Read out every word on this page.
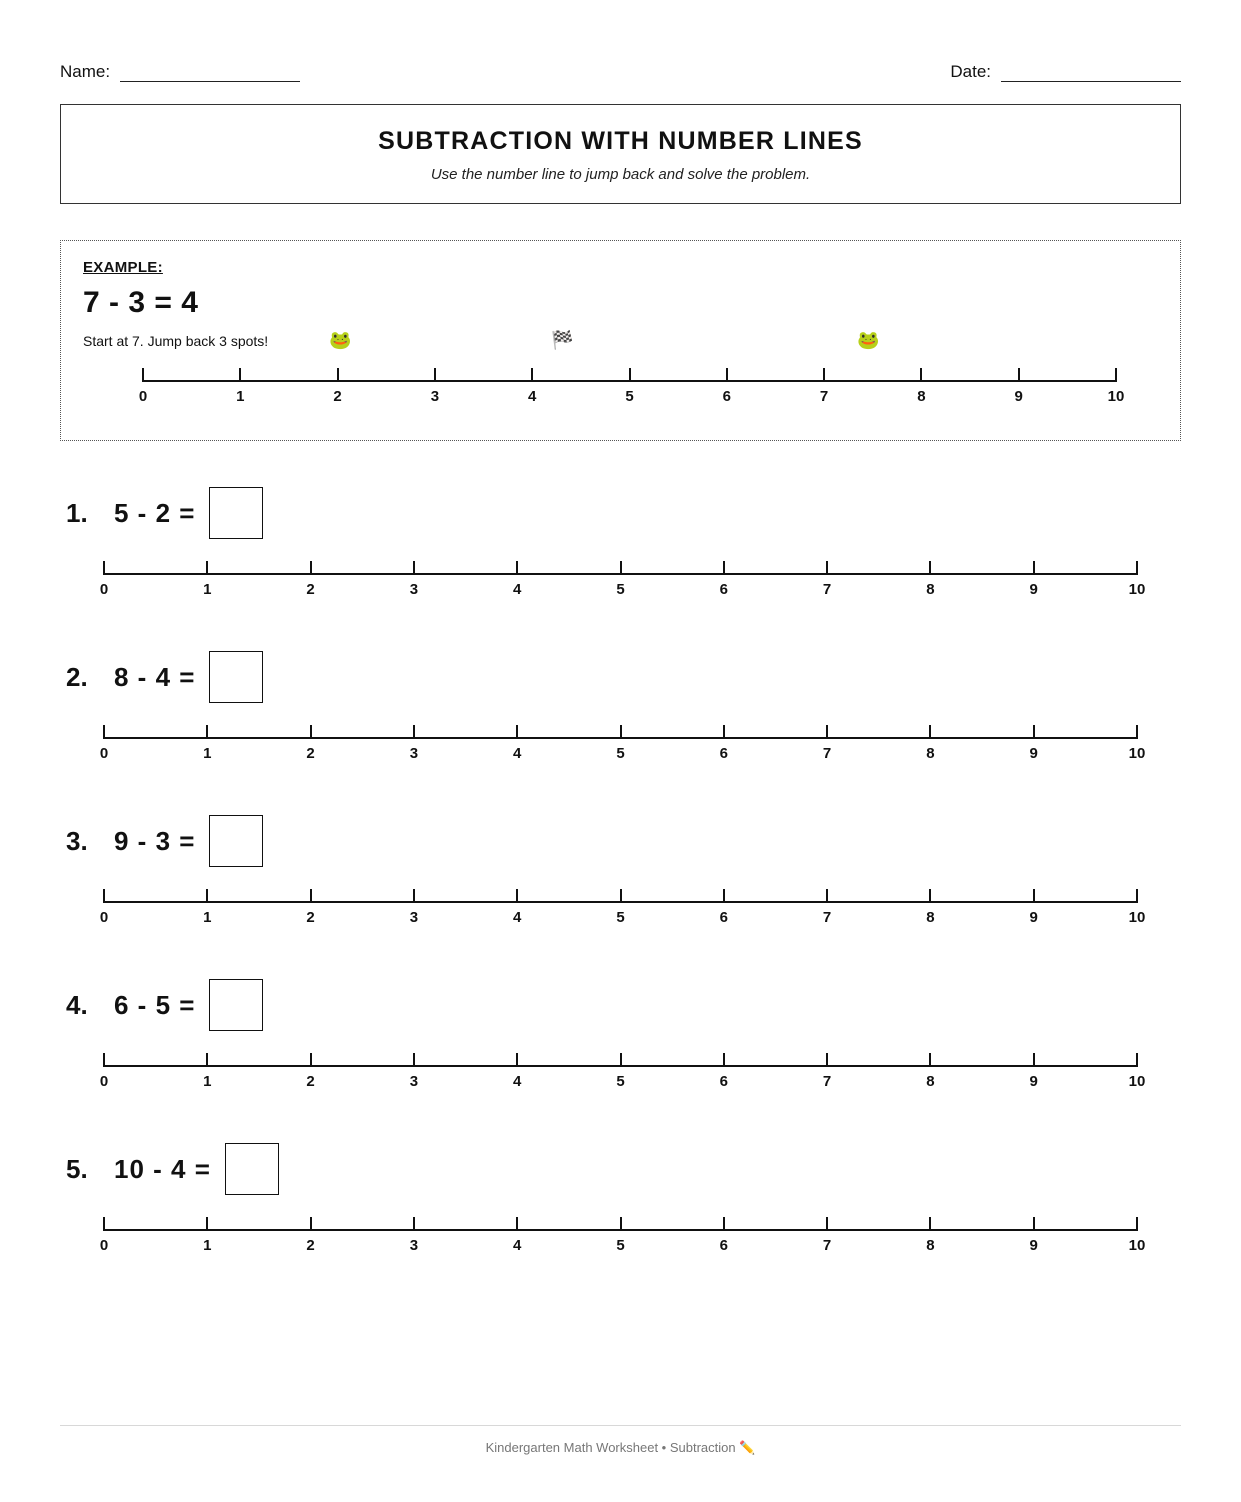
Name:	Date:
SUBTRACTION WITH NUMBER LINES
Use the number line to jump back and solve the problem.
EXAMPLE:
7 - 3 = 4
Start at 7. Jump back 3 spots!	🐸	🏁	🐸
0	1	2	3	4	5	6	7	8	9	10
1.	5 - 2 =
0	1	2	3	4	5	6	7	8	9	10
2.	8 - 4 =
0	1	2	3	4	5	6	7	8	9	10
3.	9 - 3 =
0	1	2	3	4	5	6	7	8	9	10
4.	6 - 5 =
0	1	2	3	4	5	6	7	8	9	10
5.	10 - 4 =
0	1	2	3	4	5	6	7	8	9	10
Kindergarten Math Worksheet • Subtraction ✏️
